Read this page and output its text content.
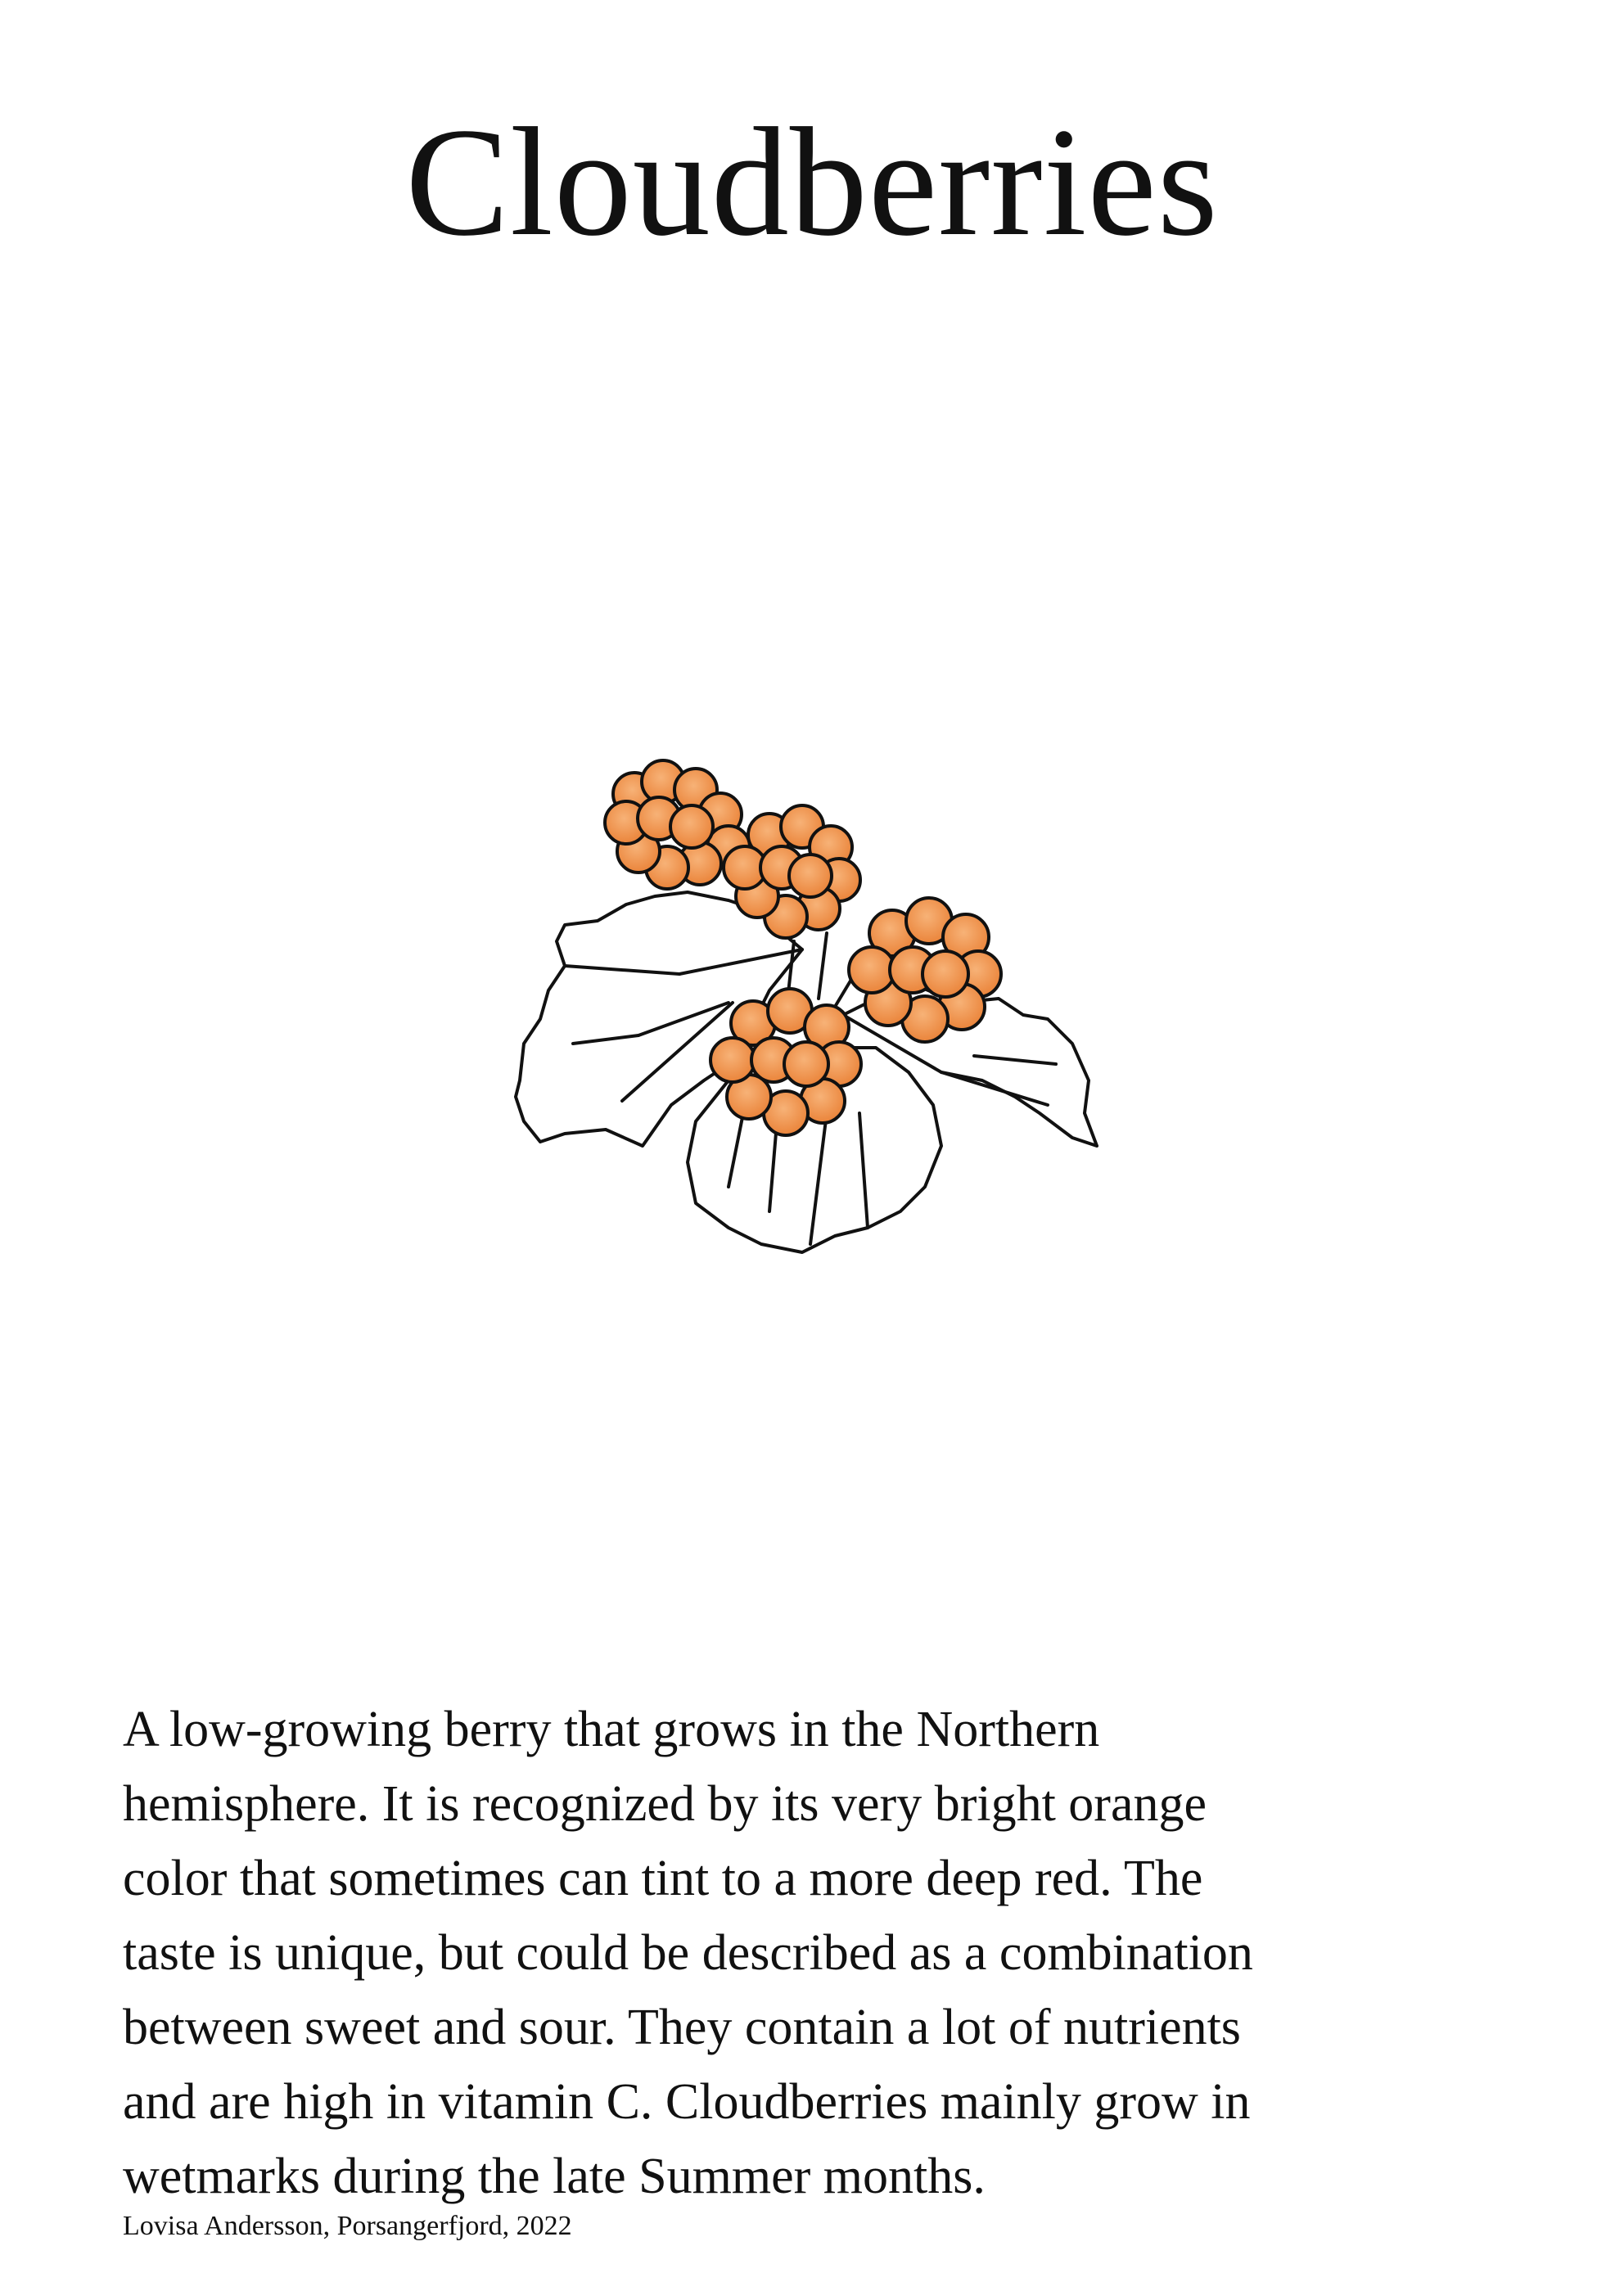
Cloudberries
A low-growing berry that grows in the Northern
hemisphere. It is recognized by its very bright orange
color that sometimes can tint to a more deep red. The
taste is unique, but could be described as a combination
between sweet and sour. They contain a lot of nutrients
and are high in vitamin C. Cloudberries mainly grow in
wetmarks during the late Summer months.

Lovisa Andersson, Porsangerfjord, 2022
